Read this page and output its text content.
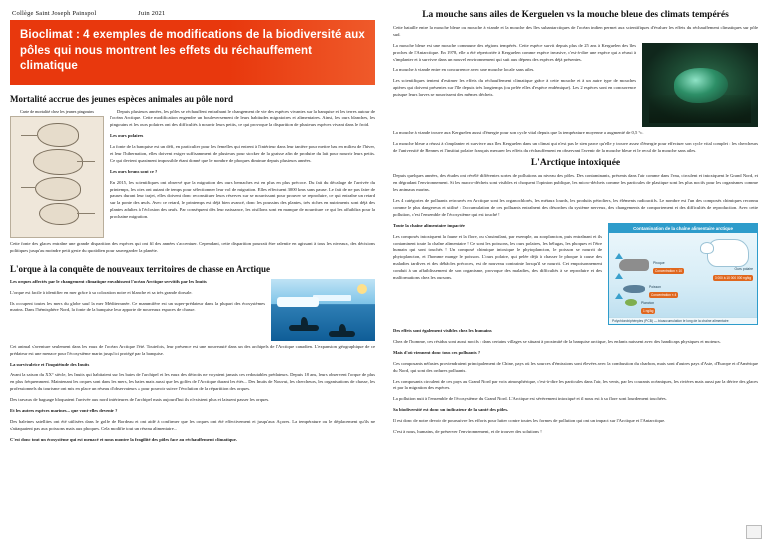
Collège Saint Joseph Painspol	Juin 2021
Bioclimat : 4 exemples de modifications de la biodiversité aux pôles qui nous montrent les effets du réchauffement climatique
Mortalité accrue des jeunes espèces animales au pôle nord
Carte de mortalité chez les jeunes pingouins	Depuis plusieurs années, les pôles se réchauffent entraînant le changement de vie des espèces vivantes sur la banquise et les terres autour de l'océan Arctique. Cette modification engendre un bouleversement de leurs habitudes migratoires et alimentaires. Ainsi, les ours blanches, les pingouins et les ours polaires ont des difficultés à nourrir leurs petits, ce qui provoque la disparition de plusieurs espèces vivant dans le froid.

Les ours polaires

La fonte de la banquise est un défi, en particulier pour les femelles qui entrent à l'intérieur dans leur tanière pour mettre bas en milieu de l'hiver, et leur l'hibernation, elles doivent exiger suffisamment de plusieurs pour stocker de la graisse afin de produire du lait pour nourrir leurs petits. Ce qui devient quasiment impossible étant donné que le nombre de phoques diminue depuis plusieurs années.

Les ours bruns sont ce ?

En 2015, les scientifiques ont observé que la migration des ours bernaches est en plus en plus précoce. Du fait du décalage de l'arrivée du printemps, les oies ont autant de temps pour sélectionner leur vol de migration. Elles effectuent 3000 kms sans pause. Le fait de ne pas faire de pauses durant leur trajet, elles doivent donc reconstituer leurs réserves sur se nourrissant pour prouver se reproduire, ce qui entraîne un retard sur la ponte des œufs. Avec ce retard, le printemps est déjà bien avancé, donc les poussins des plantes, très riches en nutriments sont déjà des plantes adultes à l'éclosion des œufs. Par conséquent dès leur naissance, les oisillons sont en manque de nourriture ce qui les affaiblira pour la prochaine migration.

Cette fonte des glaces entraîne une grande disparition des espèces qui ont fil des années s'accentuer. Cependant, cette disparition pourrait être ralentie en agissant à tous les niveaux, des décisions politiques jusqu'au moindre petit geste du quotidien pour sauvegarder la planète.

L'orque à la conquête de nouveaux territoires de chasse en Arctique

Les orques affectés par le changement climatique envahissent l'océan Arctique servitifs par les Inuits

L'orque est facile à identifier en mer grâce à sa coloration noire et blanche et sa très grande dorsale.

Ils occupent toutes les mers du globe sauf la mer Méditerranée. Ce mammifère est un super-prédateur dans la plupart des écosystèmes marins. Dans l'hémisphère Nord, la fonte de la banquise leur apporte de nouveaux espaces de chasse.

Cet animal s'aventure seulement dans les eaux de l'océan Arctique l'été. Toutefois, leur présence est une nouveauté dans un des archipels de l'Arctique canadien. L'expansion géographique de ce prédateur est une menace pour l'écosystème marin jusqu'ici protégé par la banquise.

La survivalrice et l'inquiétude des Inuits

Avant la saison du XX° siècle, les Inuits qui habitaient sur les baies de l'archipel et les eaux des détroits ne voyaient jamais ces redoutables prédateurs. Depuis 18 ans, leurs observent l'orque de plus en plus fréquemment. Maintenant les orques sont dans les mers, les baies mais aussi que les golfes de l'Arctique durant les étés... Des Inuits de Nouvut, les chercheurs, les organisations de chasse, les professionnels du tourisme ont mis en place un réseau d'observateurs « pour pouvoir suivre l'évolution de la répartition des orques.

Des travaux de baguage bloquaient l'arrivée aux nord intérieures de l'archipel mais aujourd'hui ils n'existent plus et laissent passer les orques.

Et les autres espèces marines... que vont-elles devenir ?

Des baleines satellites ont été utilisées dans le golfe de Bordeau et ont aidé à confirmer que les orques ont été effectivement et jusqu'aux Açores. La température ou le déplacement qu'ils ne s'attaquaient pas aux poissons mais aux phoques. Cela modifie tout un réseau alimentaire...

C'est donc tout un écosystème qui est menacé et nous montre la fragilité des pôles face au réchauffement climatique.

La mouche sans ailes de Kerguelen vs la mouche bleue des climats tempérés

Cette bataille entre la mouche bleue ou mouche à viande et la mouche des îles subantarctiques de l'océan indien permet aux scientifiques d'évaluer les effets du réchauffement climatiques sur pôle sud.

La mouche bleue est une mouche commune des régions tempérés. Cette espèce survit depuis plus de 25 ans à Kerguelen des îles proches de l'Antarctique. En 1978, elle a été répertoriée à Kerguelen comme espèce invasive, c'est-à-dire une espèce qui a réussi à s'implanter et à survivre dans un nouvel environnement qui suit aux dépens des espèces déjà présentes.

La mouche à viande entre en concurrence avec une mouche locale sans ailes.

Les scientifiques tentent d'estimer les effets du réchauffement climatique grâce à cette mouche et à un autre type de mouches aptères qui doivent présentes sur l'île depuis très longtemps (ou pelée elles d'espèce endémique). Les 2 espèces sont en concurrence puisque leurs larves se nourrissent des mêmes déchets.

La mouche à viande trouve aux Kerguelen aussi d'énergie pour son cycle vital depuis que la température moyenne a augmenté de 0,5 °c.

La mouche bleue a réussi à s'implanter et survivre aux îles Kerguelen dans un climat qui n'est pas le sien parce qu'elle y trouve assez d'énergie pour effectuer son cycle vital complet : les chercheurs de l'université de Rennes et l'institut polaire français mesurer les effets du réchauffement en observant l'avenir de la mouche bleue et le recul de la mouche sans ailes.

L'Arctique intoxiquée

Depuis quelques années, des études ont révélé différentes sortes de pollutions au niveau des pôles. Des contaminants, présents dans l'air comme dans l'eau, circulent et intoxiquent le Grand Nord, et en dégradant l'environnement. Si les macro-déchets sont visibles et choquent l'opinion publique, les micro-déchets comme les particules de plastique sont les plus nocifs pour les organismes comme les animaux marins.

Les 4 catégories de polluants retrouvés en Arctique sont les organochlorés, les métaux lourds, les produits pétroliers, les éléments radioactifs. Le nombre est l'un des composés chimiques reconnu comme le plus dangereux et utilisé : l'accumulation de ces polluants entraînent des désordres du système nerveux, des changements de comportement et des difficultés de reproduction. Avec cette pollution, c'est l'ensemble de l'écosystème qui est touché !

Contamination de la chaîne alimentaire arctique
Ours polaire
3 000 à 10 000 000 ng/kg
Phoque
Concentration × 10
Poisson
Concentration × 4
Plancton
1 ng/kg
Polychlorobiphényles (PCB) — bioaccumulation le long de la chaîne alimentaire

Toute la chaîne alimentaire impactée

Les composés intoxiquent la faune et la flore, ou s'assimilant, par exemple, au zooplancton, puis entraînant et ils contaminent toute la chaîne alimentaire ! Ce sont les poissons, les ours polaires, les bélugas, les phoques et l'être humain qui sont touchés ! Un composé chimique intoxique le phytoplancton, le poisson se nourrit de phytoplancton, et l'homme mange le poisson. L'ours polaire, qui pelée déjà à chasser le phoque à cause des maladies tardives et des débâcles précoces, est de nouveau contrainte lorsqu'il se nourrit. Cet empoisonnement conduit à un affaiblissement de son organisme, provoque des maladies, des difficultés à se reproduire et des malformations chez les oursons.

Des effets sont également visibles chez les humains

Chez de l'homme, ces résidus sont aussi nocifs : dans certains villages se situant à proximité de la banquise arctique, les enfants naissent avec des handicaps physiques et moteurs.

Mais d'où viennent donc tous ces polluants ?

Ces composants néfastes proviendraient principalement de Chine, pays où les sources d'émissions sont élevées avec la combustion du charbon, mais sont d'autres pays d'Asie, d'Europe et d'Amérique du Nord, qui sont des ordures polluants.

Les composants circulent de ces pays au Grand Nord par voix atmosphérique, c'est-à-dire les particules dans l'air, les vents, par les courants océaniques, les rivières mais aussi par la dérive des glaces et par la migration des espèces.

La pollution nuit à l'ensemble de l'écosystème du Grand Nord. L'Arctique est sévèrement intoxiqué et il nous est à sa flore sont lourdement touchées.

Sa biodiversité est donc un indicateur de la santé des pôles.

Il est donc de notre devoir de poursuivre les efforts pour lutter contre toutes les formes de pollution qui ont un impact sur l'Arctique et l'Antarctique.

C'est à nous, humains, de préserver l'environnement, et de trouver des solutions !
